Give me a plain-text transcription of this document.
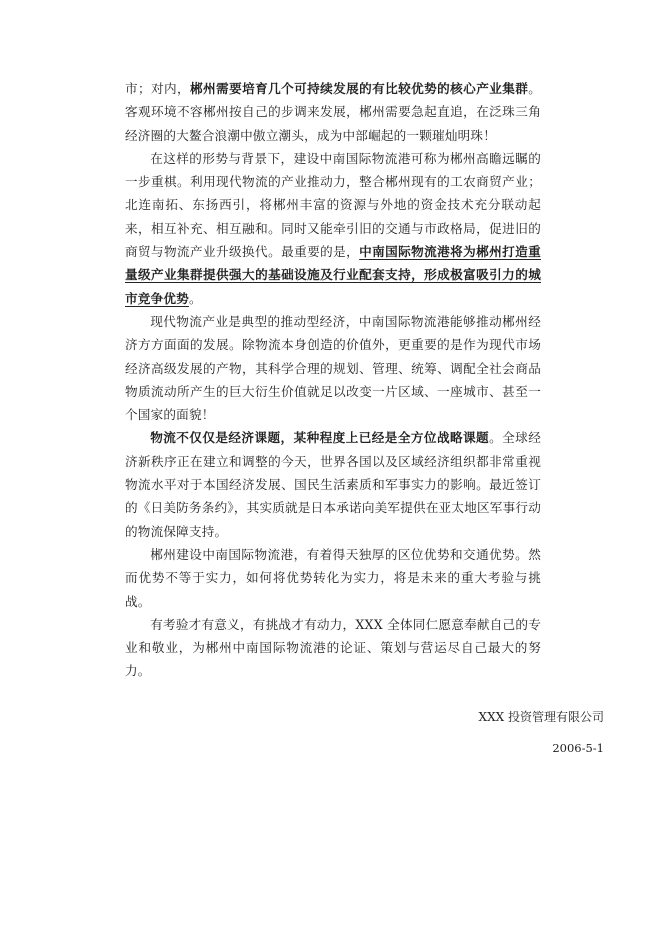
市；对内，郴州需要培育几个可持续发展的有比较优势的核心产业集群。客观环境不容郴州按自己的步调来发展，郴州需要急起直追，在泛珠三角经济圈的大鳌合浪潮中傲立潮头，成为中部崛起的一颗璀灿明珠！

在这样的形势与背景下，建设中南国际物流港可称为郴州高瞻远瞩的一步重棋。利用现代物流的产业推动力，整合郴州现有的工农商贸产业；北连南拓、东扬西引，将郴州丰富的资源与外地的资金技术充分联动起来，相互补充、相互融和。同时又能牵引旧的交通与市政格局，促进旧的商贸与物流产业升级换代。最重要的是，中南国际物流港将为郴州打造重量级产业集群提供强大的基础设施及行业配套支持，形成极富吸引力的城市竞争优势。

现代物流产业是典型的推动型经济，中南国际物流港能够推动郴州经济方方面面的发展。除物流本身创造的价值外，更重要的是作为现代市场经济高级发展的产物，其科学合理的规划、管理、统筹、调配全社会商品物质流动所产生的巨大衍生价值就足以改变一片区域、一座城市、甚至一个国家的面貌！

物流不仅仅是经济课题，某种程度上已经是全方位战略课题。全球经济新秩序正在建立和调整的今天，世界各国以及区域经济组织都非常重视物流水平对于本国经济发展、国民生活素质和军事实力的影响。最近签订的《日美防务条约》，其实质就是日本承诺向美军提供在亚太地区军事行动的物流保障支持。

郴州建设中南国际物流港，有着得天独厚的区位优势和交通优势。然而优势不等于实力，如何将优势转化为实力，将是未来的重大考验与挑战。

有考验才有意义，有挑战才有动力，XXX 全体同仁愿意奉献自己的专业和敬业，为郴州中南国际物流港的论证、策划与营运尽自己最大的努力。

XXX 投资管理有限公司
2006-5-1
